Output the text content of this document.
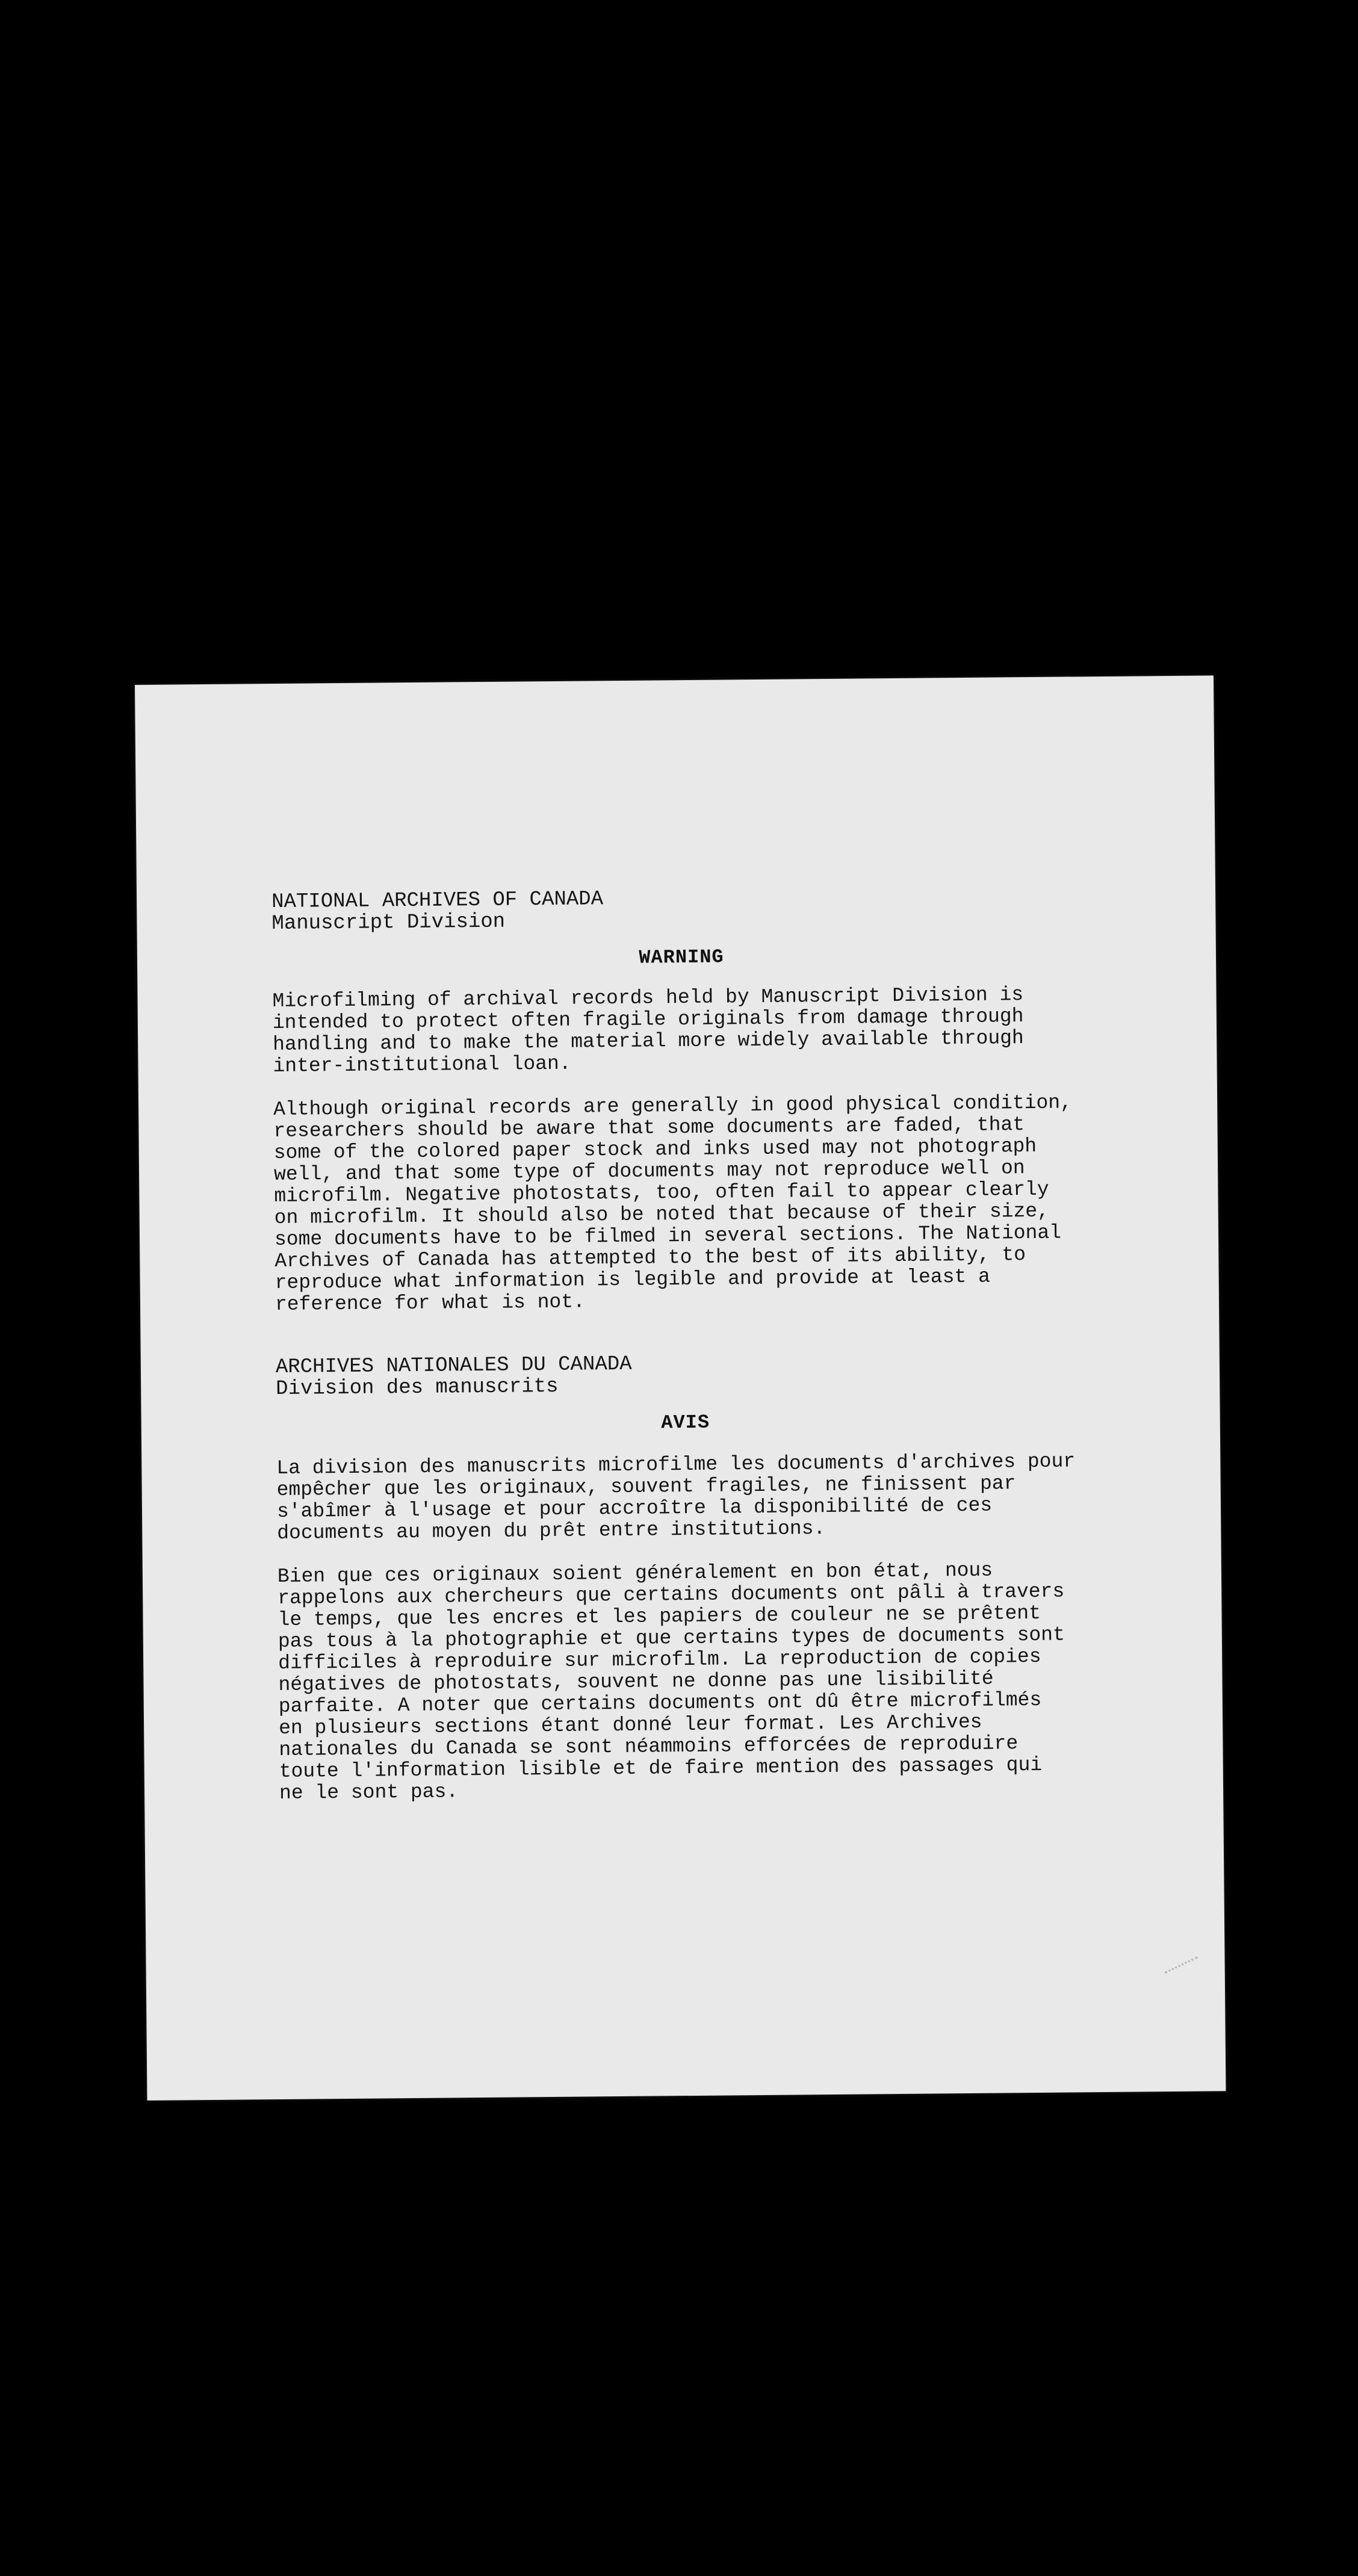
NATIONAL ARCHIVES OF CANADA
Manuscript Division
WARNING
Microfilming of archival records held by Manuscript Division is
intended to protect often fragile originals from damage through
handling and to make the material more widely available through
inter-institutional loan.
Although original records are generally in good physical condition,
researchers should be aware that some documents are faded, that
some of the colored paper stock and inks used may not photograph
well, and that some type of documents may not reproduce well on
microfilm. Negative photostats, too, often fail to appear clearly
on microfilm. It should also be noted that because of their size,
some documents have to be filmed in several sections. The National
Archives of Canada has attempted to the best of its ability, to
reproduce what information is legible and provide at least a
reference for what is not.
ARCHIVES NATIONALES DU CANADA
Division des manuscrits
AVIS
La division des manuscrits microfilme les documents d'archives pour
empêcher que les originaux, souvent fragiles, ne finissent par
s'abîmer à l'usage et pour accroître la disponibilité de ces
documents au moyen du prêt entre institutions.
Bien que ces originaux soient généralement en bon état, nous
rappelons aux chercheurs que certains documents ont pâli à travers
le temps, que les encres et les papiers de couleur ne se prêtent
pas tous à la photographie et que certains types de documents sont
difficiles à reproduire sur microfilm. La reproduction de copies
négatives de photostats, souvent ne donne pas une lisibilité
parfaite. A noter que certains documents ont dû être microfilmés
en plusieurs sections étant donné leur format. Les Archives
nationales du Canada se sont néammoins efforcées de reproduire
toute l'information lisible et de faire mention des passages qui
ne le sont pas.
